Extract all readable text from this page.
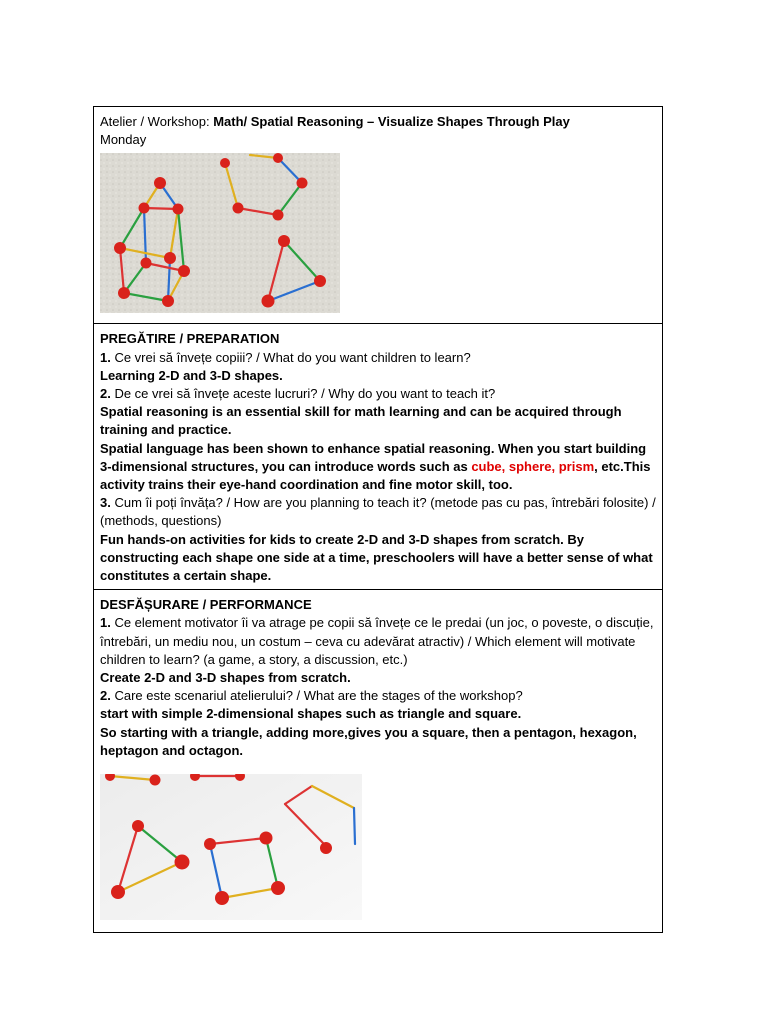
Atelier / Workshop: Math/ Spatial Reasoning – Visualize Shapes Through Play
Monday
PREGĂTIRE / PREPARATION
1. Ce vrei să învețe copiii? / What do you want children to learn?
Learning 2-D and 3-D shapes.
2. De ce vrei să învețe aceste lucruri? / Why do you want to teach it?
Spatial reasoning is an essential skill for math learning and can be acquired through training and practice.
Spatial language has been shown to enhance spatial reasoning. When you start building 3-dimensional structures, you can introduce words such as cube, sphere, prism, etc.This activity trains their eye-hand coordination and fine motor skill, too.
3. Cum îi poți învăța? / How are you planning to teach it? (metode pas cu pas, întrebări folosite) / (methods, questions)
Fun hands-on activities for kids to create 2-D and 3-D shapes from scratch. By constructing each shape one side at a time, preschoolers will have a better sense of what constitutes a certain shape.
DESFĂȘURARE / PERFORMANCE
1. Ce element motivator îi va atrage pe copii să învețe ce le predai (un joc, o poveste, o discuție, întrebări, un mediu nou, un costum – ceva cu adevărat atractiv) / Which element will motivate children to learn? (a game, a story, a discussion, etc.)
Create 2-D and 3-D shapes from scratch.
2. Care este scenariul atelierului? / What are the stages of the workshop?
start with simple 2-dimensional shapes such as triangle and square.
So starting with a triangle, adding more,gives you a square, then a pentagon, hexagon, heptagon and octagon.
